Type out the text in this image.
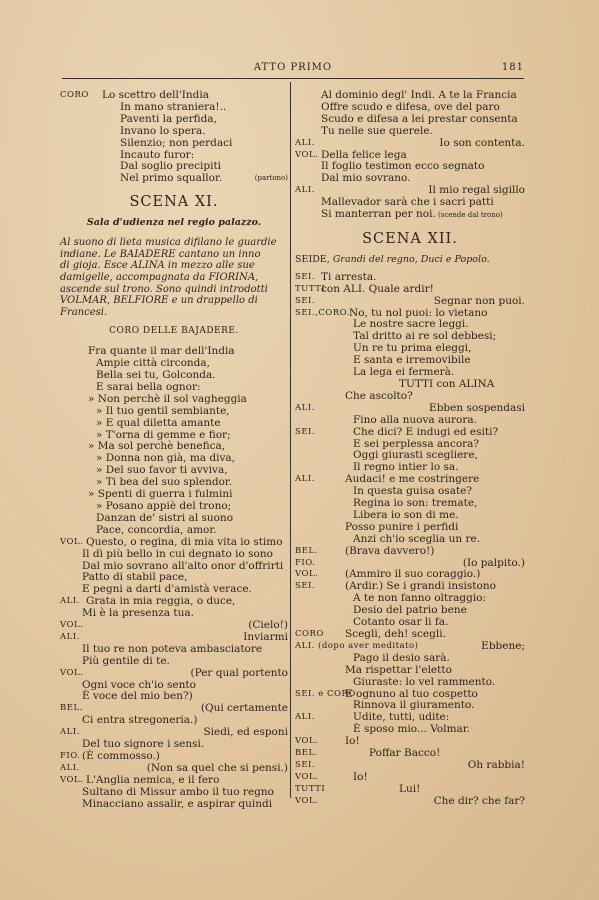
ATTO PRIMO	181
CORO Lo scettro dell'India
In mano straniera!..
Paventi la perfida,
Invano lo spera.
Silenzio; non perdaci
Incauto furor:
Dal soglio precipiti
Nel primo squallor.	(partono)
SCENA XI.
Sala d'udienza nel regio palazzo.
Al suono di lieta musica difilano le guardie
indiane. Le BAIADERE cantano un inno
di gioja. Esce ALINA in mezzo alle sue
damigelle, accompagnata da FIORINA,
ascende sul trono. Sono quindi introdotti
VOLMAR, BELFIORE e un drappello di
Francesi.
CORO DELLE BAJADERE.
Fra quante il mar dell'India
Ampie città circonda,
Bella sei tu, Golconda.
E sarai bella ognor:
» Non perchè il sol vagheggia
» Il tuo gentil sembiante,
» E qual diletta amante
» T'orna di gemme e fior;
» Ma sol perchè benefica,
» Donna non già, ma diva,
» Del suo favor ti avviva,
» Ti bea del suo splendor.
» Spenti di guerra i fulmini
» Posano appiè del trono;
Danzan de' sistri al suono
Pace, concordia, amor.
VOL. Questo, o regina, di mia vita io stimo
Il dì più bello in cui degnato io sono
Dal mio sovrano all'alto onor d'offrirti
Patto di stabil pace,
E pegni a darti d'amistà verace.
ALI. Grata in mia reggia, o duce,
Mi è la presenza tua.
VOL.	(Cielo!)
ALI.	Inviarmi
Il tuo re non poteva ambasciatore
Più gentile di te.
VOL.	(Per qual portento
Ogni voce ch'io sento
È voce del mio ben?)
BEL.	(Qui certamente
Ci entra stregoneria.)
ALI.	Siedi, ed esponi
Del tuo signore i sensi.
FIO. (È commosso.)
ALI.	(Non sa quel che si pensi.)
VOL. L'Anglia nemica, e il fero
Sultano di Missur ambo il tuo regno
Minacciano assalir, e aspirar quindi
Al dominio degl' Indi. A te la Francia
Offre scudo e difesa, ove del paro
Scudo e difesa a lei prestar consenta
Tu nelle sue querele.
ALI.	Io son contenta.
VOL. Della felice lega
Il foglio testimon ecco segnato
Dal mio sovrano.
ALI.	Il mio regal sigillo
Mallevador sarà che i sacri patti
Si manterran per noi. (scende dal trono)
SCENA XII.
SEIDE, Grandi del regno, Duci e Popolo.
SEI. Ti arresta.
TUTTI
con ALI. Quale ardir!
SEI.	Segnar non puoi.
SEI.,CORO. No, tu nol puoi: lo vietano
Le nostre sacre leggi.
Tal dritto ai re sol debbesi;
Un re tu prima eleggi,
E santa e irremovibile
La lega ei fermerà.
TUTTI con ALINA
Che ascolto?
ALI.	Ebben sospendasi
Fino alla nuova aurora.
SEI.	Che dici? E indugi ed esiti?
E sei perplessa ancora?
Oggi giurasti scegliere,
Il regno intier lo sa.
ALI.	Audaci! e me costringere
In questa guisa osate?
Regina io son: tremate,
Libera io son di me.
Posso punire i perfidi
Anzi ch'io sceglia un re.
BEL.	(Brava davvero!)
FIO.	(Io palpito.)
VOL.	(Ammiro il suo coraggio.)
SEI.	(Ardir.) Se i grandi insistono
A te non fanno oltraggio:
Desio del patrio bene
Cotanto osar li fa.
CORO Scegli, deh! scegli.
ALI. (dopo aver meditato)	Ebbene;
Pago il desio sarà.
Ma rispettar l'eletto
Giuraste: lo vel rammento.
SEI. e CORO
E ognuno al tuo cospetto
Rinnova il giuramento.
ALI.	Udite, tutti, udite:
È sposo mio... Volmar.
VOL.	Io!
BEL.	Poffar Bacco!
SEI.	Oh rabbia!
VOL.	Io!
TUTTI	Lui!
VOL.	Che dir? che far?
